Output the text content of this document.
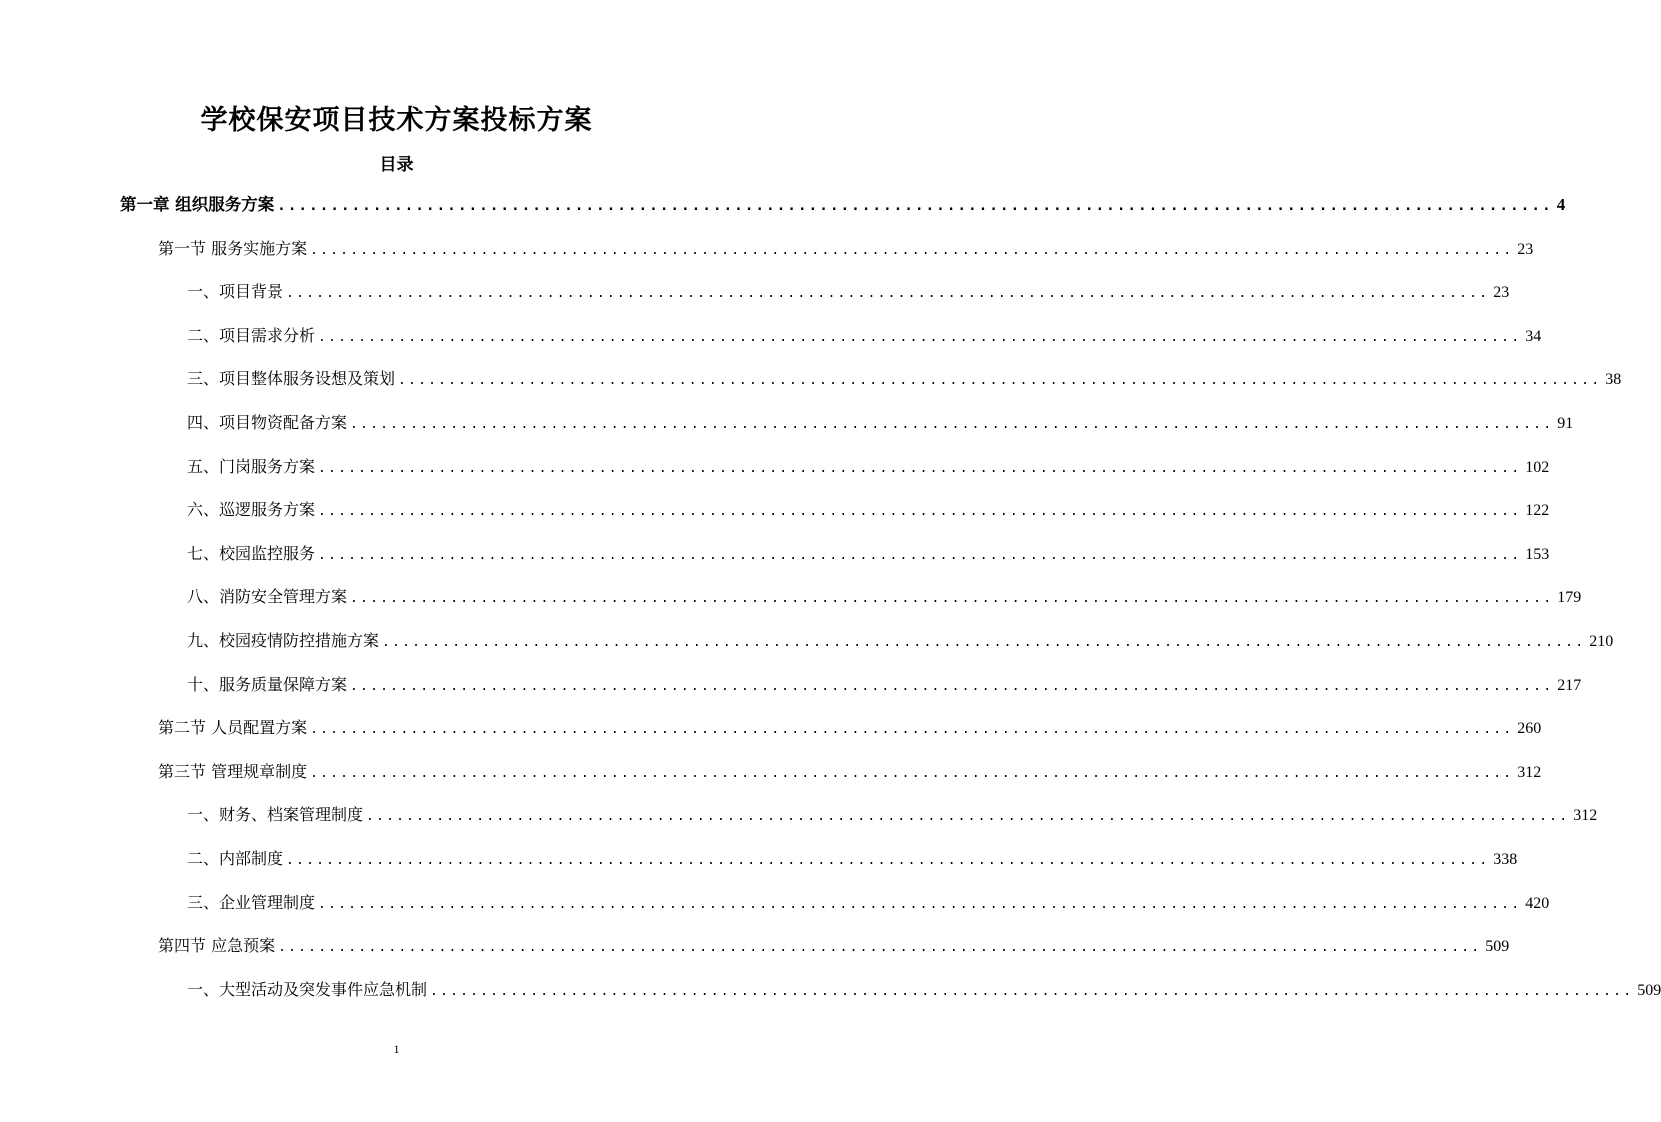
学校保安项目技术方案投标方案
目录
第一章 组织服务方案 ........................................................................................................................ 4
第一节 服务实施方案 ........................................................................................................................ 23
一、项目背景 ........................................................................................................................ 23
二、项目需求分析 ........................................................................................................................ 34
三、项目整体服务设想及策划 ........................................................................................................................ 38
四、项目物资配备方案 ........................................................................................................................ 91
五、门岗服务方案 ........................................................................................................................ 102
六、巡逻服务方案 ........................................................................................................................ 122
七、校园监控服务 ........................................................................................................................ 153
八、消防安全管理方案 ........................................................................................................................ 179
九、校园疫情防控措施方案 ........................................................................................................................ 210
十、服务质量保障方案 ........................................................................................................................ 217
第二节 人员配置方案 ........................................................................................................................ 260
第三节 管理规章制度 ........................................................................................................................ 312
一、财务、档案管理制度 ........................................................................................................................ 312
二、内部制度 ........................................................................................................................ 338
三、企业管理制度 ........................................................................................................................ 420
第四节 应急预案 ........................................................................................................................ 509
一、大型活动及突发事件应急机制 ........................................................................................................................ 509
1
